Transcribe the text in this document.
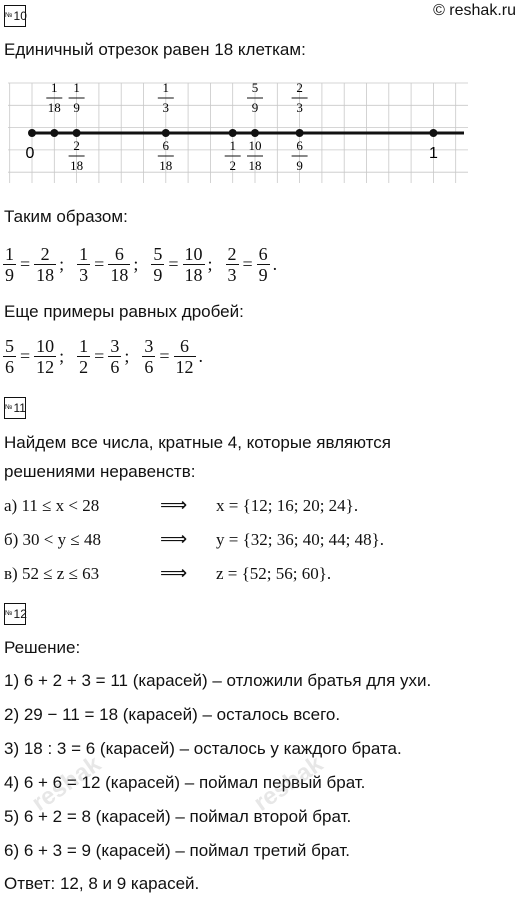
№10	© reshak.ru
Единичный отрезок равен 18 клеткам:
1
18
1
9
1
3
5
9
2
3
2
18
6
18
1
2
10
18
6
9
0	1
Таким образом:
$\frac{1}{9} = \frac{2}{18}$ ; $\frac{1}{3} = \frac{6}{18}$ ; $\frac{5}{9} = \frac{10}{18}$ ; $\frac{2}{3} = \frac{6}{9}$ .
Еще примеры равных дробей:
$\frac{5}{6} = \frac{10}{12}$ ; $\frac{1}{2} = \frac{3}{6}$ ; $\frac{3}{6} = \frac{6}{12}$ .
№11
Найдем все числа, кратные 4, которые являются
решениями неравенств:
а) 11 ≤ x < 28	⟹ x = {12; 16; 20; 24}.
б) 30 < y ≤ 48	⟹ y = {32; 36; 40; 44; 48}.
в) 52 ≤ z ≤ 63	⟹ z = {52; 56; 60}.
№12
Решение:
1) 6 + 2 + 3 = 11 (карасей) – отложили братья для ухи.
2) 29 − 11 = 18 (карасей) – осталось всего.
3) 18 : 3 = 6 (карасей) – осталось у каждого брата.
4) 6 + 6 = 12 (карасей) – поймал первый брат.
5) 6 + 2 = 8 (карасей) – поймал второй брат.
6) 6 + 3 = 9 (карасей) – поймал третий брат.
Ответ: 12, 8 и 9 карасей.
reshak	reshak
